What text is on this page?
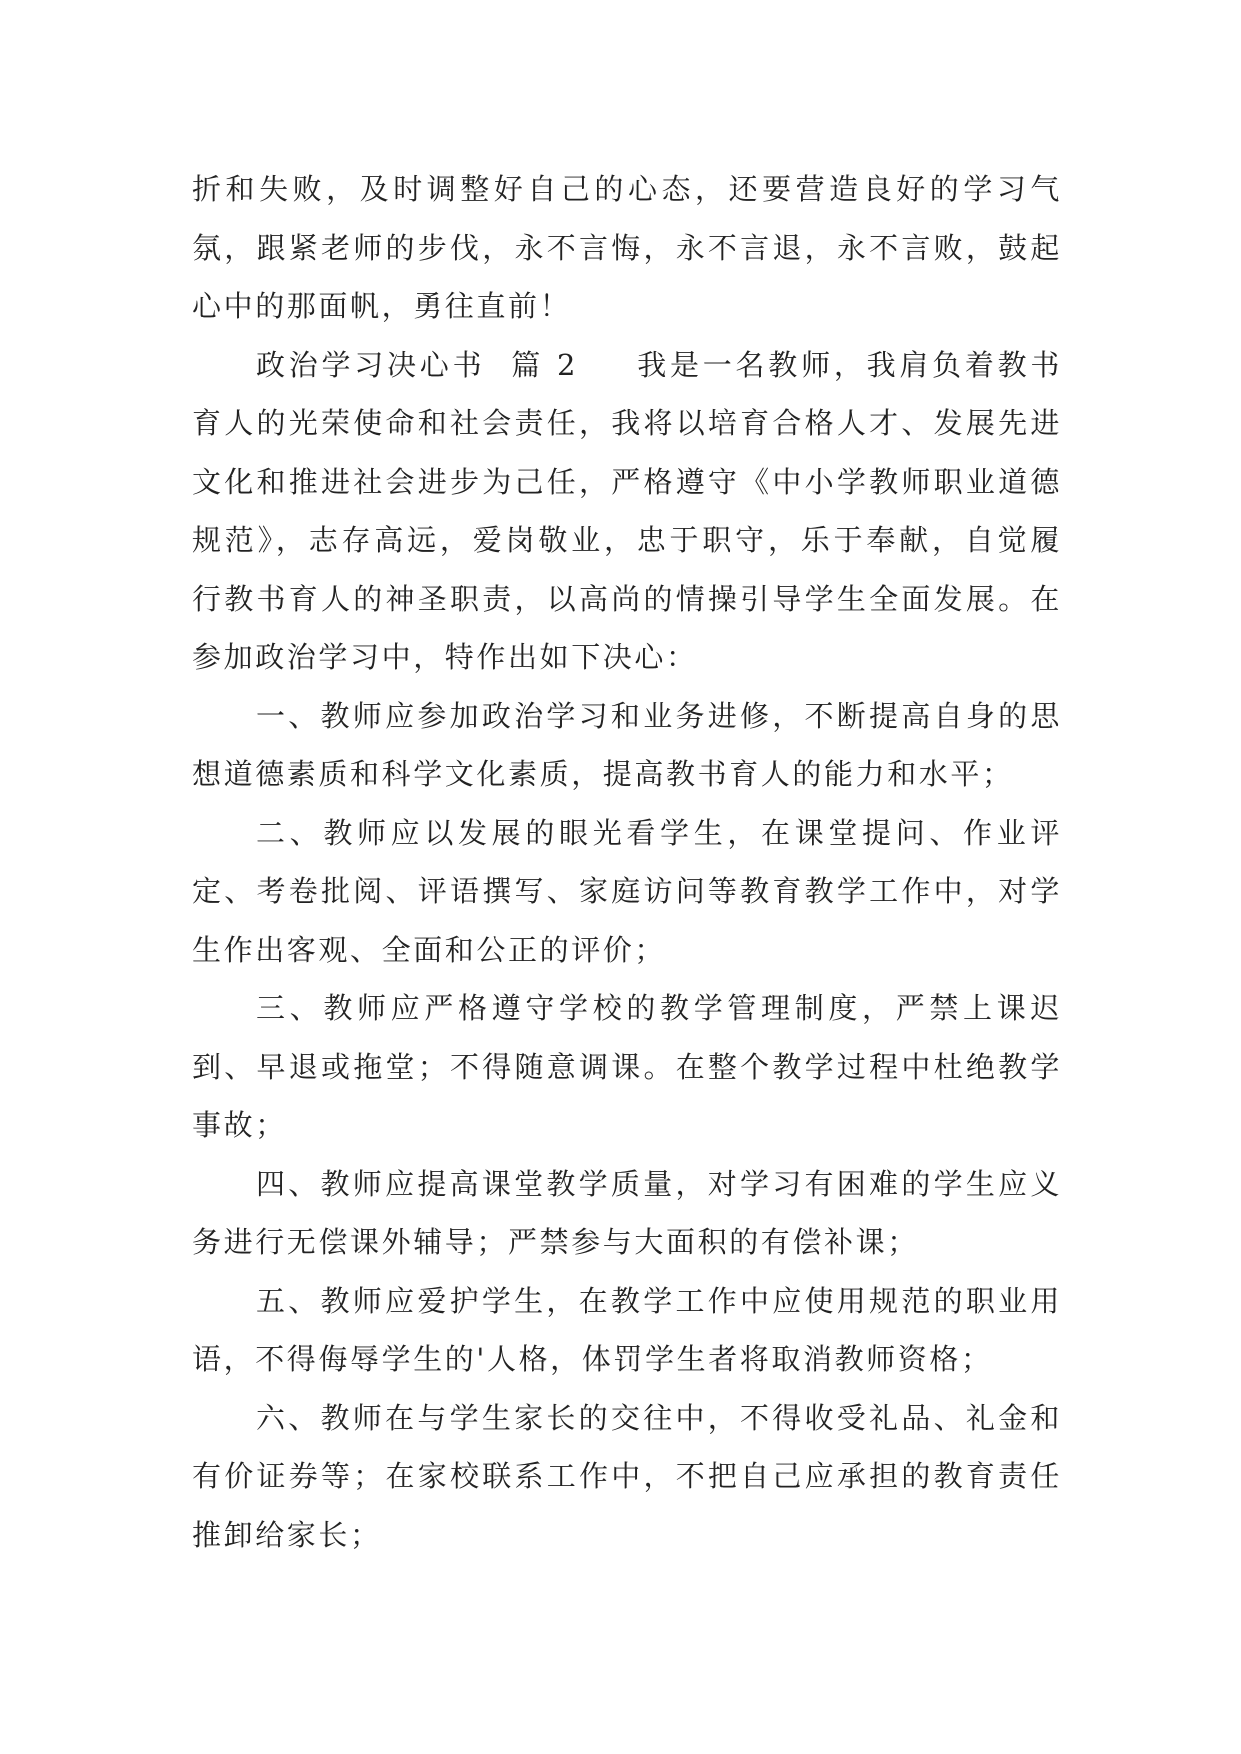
折和失败，及时调整好自己的心态，还要营造良好的学习气氛，跟紧老师的步伐，永不言悔，永不言退，永不言败，鼓起心中的那面帆，勇往直前！

政治学习决心书  篇 2 我是一名教师，我肩负着教书育人的光荣使命和社会责任，我将以培育合格人才、发展先进文化和推进社会进步为己任，严格遵守《中小学教师职业道德规范》，志存高远，爱岗敬业，忠于职守，乐于奉献，自觉履行教书育人的神圣职责，以高尚的情操引导学生全面发展。在参加政治学习中，特作出如下决心：

一、教师应参加政治学习和业务进修，不断提高自身的思想道德素质和科学文化素质，提高教书育人的能力和水平；

二、教师应以发展的眼光看学生，在课堂提问、作业评定、考卷批阅、评语撰写、家庭访问等教育教学工作中，对学生作出客观、全面和公正的评价；

三、教师应严格遵守学校的教学管理制度，严禁上课迟到、早退或拖堂；不得随意调课。在整个教学过程中杜绝教学事故；

四、教师应提高课堂教学质量，对学习有困难的学生应义务进行无偿课外辅导；严禁参与大面积的有偿补课；

五、教师应爱护学生，在教学工作中应使用规范的职业用语，不得侮辱学生的'人格，体罚学生者将取消教师资格；

六、教师在与学生家长的交往中，不得收受礼品、礼金和有价证券等；在家校联系工作中，不把自己应承担的教育责任推卸给家长；
